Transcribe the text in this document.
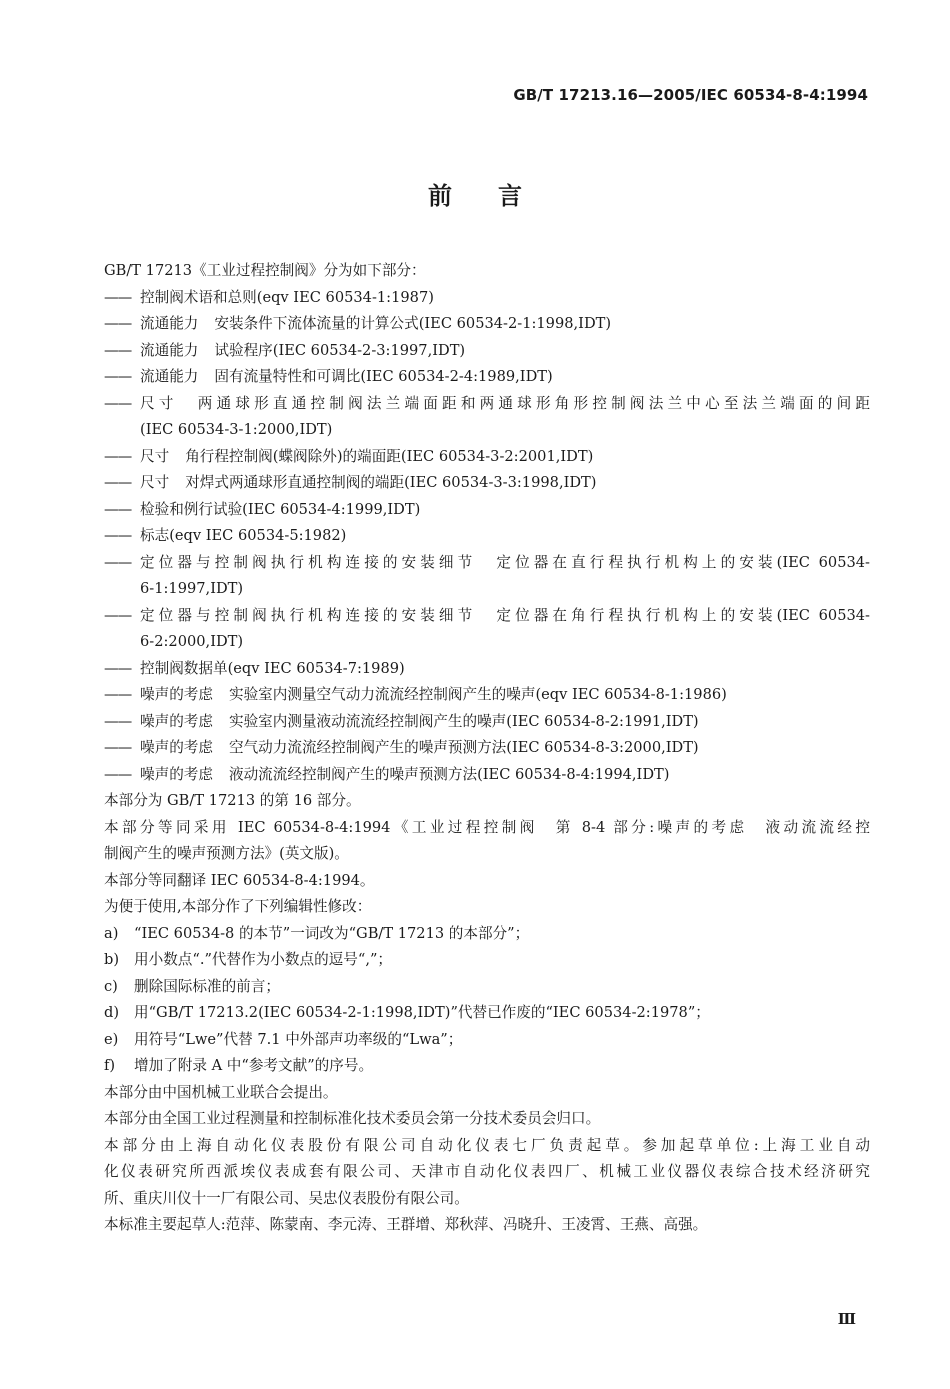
GB/T 17213.16—2005/IEC 60534-8-4:1994
前言
GB/T 17213《工业过程控制阀》分为如下部分：
—— 控制阀术语和总则(eqv IEC 60534-1:1987)
—— 流通能力 安装条件下流体流量的计算公式(IEC 60534-2-1:1998,IDT)
—— 流通能力 试验程序(IEC 60534-2-3:1997,IDT)
—— 流通能力 固有流量特性和可调比(IEC 60534-2-4:1989,IDT)
—— 尺寸 两通球形直通控制阀法兰端面距和两通球形角形控制阀法兰中心至法兰端面的间距
(IEC 60534-3-1:2000,IDT)
—— 尺寸 角行程控制阀(蝶阀除外)的端面距(IEC 60534-3-2:2001,IDT)
—— 尺寸 对焊式两通球形直通控制阀的端距(IEC 60534-3-3:1998,IDT)
—— 检验和例行试验(IEC 60534-4:1999,IDT)
—— 标志(eqv IEC 60534-5:1982)
—— 定位器与控制阀执行机构连接的安装细节 定位器在直行程执行机构上的安装(IEC 60534-
6-1:1997,IDT)
—— 定位器与控制阀执行机构连接的安装细节 定位器在角行程执行机构上的安装(IEC 60534-
6-2:2000,IDT)
—— 控制阀数据单(eqv IEC 60534-7:1989)
—— 噪声的考虑 实验室内测量空气动力流流经控制阀产生的噪声(eqv IEC 60534-8-1:1986)
—— 噪声的考虑 实验室内测量液动流流经控制阀产生的噪声(IEC 60534-8-2:1991,IDT)
—— 噪声的考虑 空气动力流流经控制阀产生的噪声预测方法(IEC 60534-8-3:2000,IDT)
—— 噪声的考虑 液动流流经控制阀产生的噪声预测方法(IEC 60534-8-4:1994,IDT)
本部分为 GB/T 17213 的第 16 部分。
本部分等同采用 IEC 60534-8-4:1994《工业过程控制阀　第 8-4 部分:噪声的考虑　液动流流经控
制阀产生的噪声预测方法》(英文版)。
本部分等同翻译 IEC 60534-8-4:1994。
为便于使用,本部分作了下列编辑性修改：
a) “IEC 60534-8 的本节”一词改为“GB/T 17213 的本部分”；
b) 用小数点“.”代替作为小数点的逗号“,”；
c) 删除国际标准的前言；
d) 用“GB/T 17213.2(IEC 60534-2-1:1998,IDT)”代替已作废的“IEC 60534-2:1978”；
e) 用符号“Lwe”代替 7.1 中外部声功率级的“Lwa”；
f) 增加了附录 A 中“参考文献”的序号。
本部分由中国机械工业联合会提出。
本部分由全国工业过程测量和控制标准化技术委员会第一分技术委员会归口。
本部分由上海自动化仪表股份有限公司自动化仪表七厂负责起草。参加起草单位:上海工业自动
化仪表研究所西派埃仪表成套有限公司、天津市自动化仪表四厂、机械工业仪器仪表综合技术经济研究
所、重庆川仪十一厂有限公司、吴忠仪表股份有限公司。
本标准主要起草人:范萍、陈蒙南、李元涛、王群增、郑秋萍、冯晓升、王凌霄、王燕、高强。
Ⅲ
